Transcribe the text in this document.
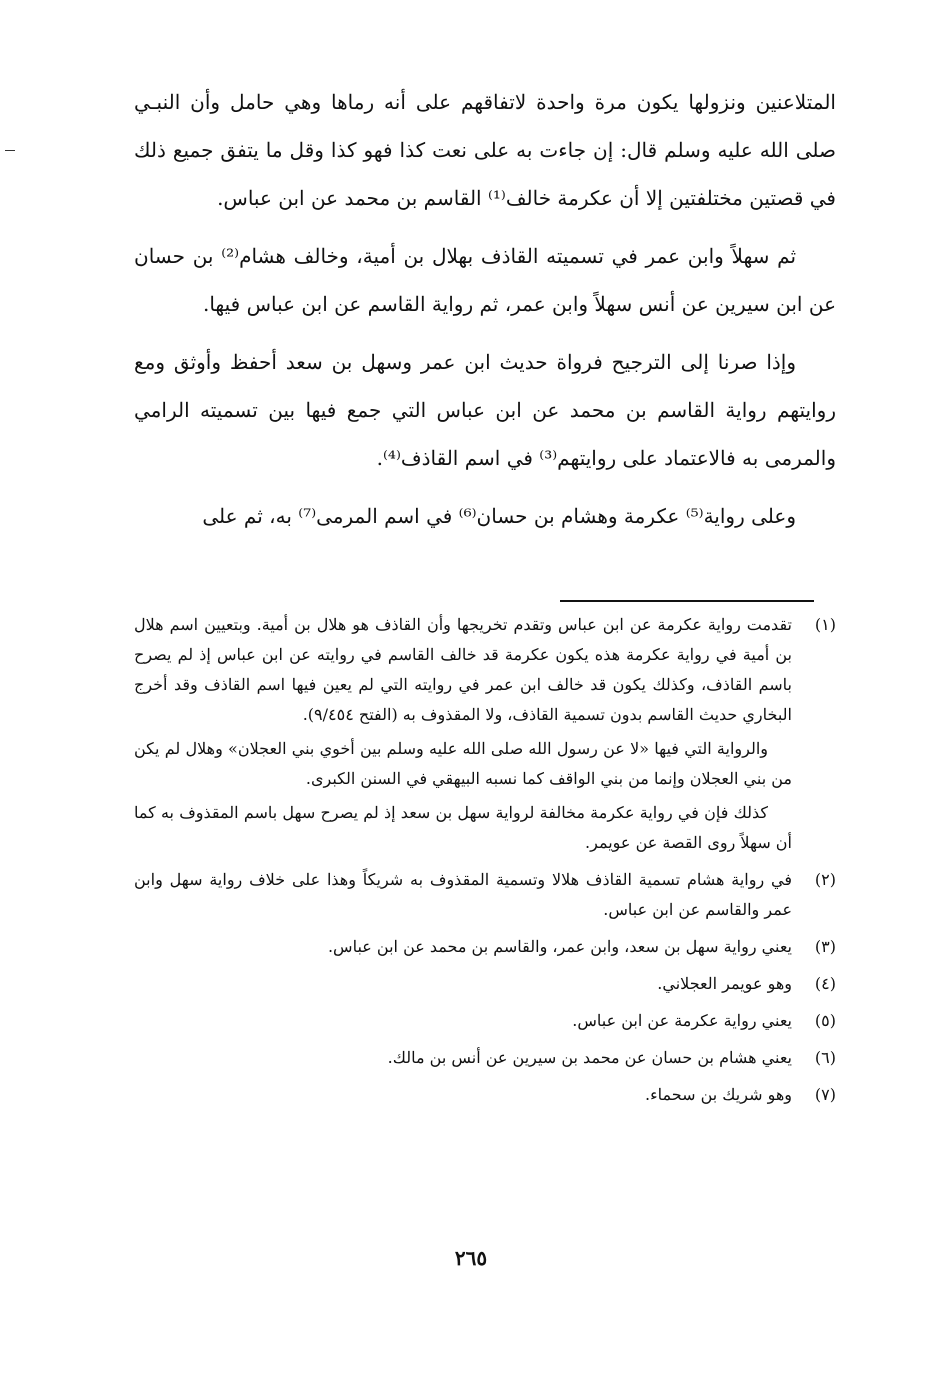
المتلاعنين ونزولها يكون مرة واحدة لاتفاقهم على أنه رماها وهي حامل وأن النبـي صلى الله عليه وسلم قال: إن جاءت به على نعت كذا فهو كذا وقل ما يتفق جميع ذلك في قصتين مختلفتين إلا أن عكرمة خالف⁽¹⁾ القاسم بن محمد عن ابن عباس.

ثم سهلاً وابن عمر في تسميته القاذف بهلال بن أمية، وخالف هشام⁽²⁾ بن حسان عن ابن سيرين عن أنس سهلاً وابن عمر، ثم رواية القاسم عن ابن عباس فيها.

وإذا صرنا إلى الترجيح فرواة حديث ابن عمر وسهل بن سعد أحفظ وأوثق ومع روايتهم رواية القاسم بن محمد عن ابن عباس التي جمع فيها بين تسميته الرامي والمرمى به فالاعتماد على روايتهم⁽³⁾ في اسم القاذف⁽⁴⁾.

وعلى رواية⁽⁵⁾ عكرمة وهشام بن حسان⁽⁶⁾ في اسم المرمى⁽⁷⁾ به، ثم على

(١)

تقدمت رواية عكرمة عن ابن عباس وتقدم تخريجها وأن القاذف هو هلال بن أمية. وبتعيين اسم هلال بن أمية في رواية عكرمة هذه يكون عكرمة قد خالف القاسم في روايته عن ابن عباس إذ لم يصرح باسم القاذف، وكذلك يكون قد خالف ابن عمر في روايته التي لم يعين فيها اسم القاذف وقد أخرج البخاري حديث القاسم بدون تسمية القاذف، ولا المقذوف به (الفتح ٩/٤٥٤).

والرواية التي فيها «لا عن رسول الله صلى الله عليه وسلم بين أخوي بني العجلان» وهلال لم يكن من بني العجلان وإنما من بني الواقف كما نسبه البيهقي في السنن الكبرى.

كذلك فإن في رواية عكرمة مخالفة لرواية سهل بن سعد إذ لم يصرح سهل باسم المقذوف به كما أن سهلاً روى القصة عن عويمر.

(٢)

في رواية هشام تسمية القاذف هلالا وتسمية المقذوف به شريكاً وهذا على خلاف رواية سهل وابن عمر والقاسم عن ابن عباس.

(٣)

يعني رواية سهل بن سعد، وابن عمر، والقاسم بن محمد عن ابن عباس.

(٤)

وهو عويمر العجلاني.

(٥)

يعني رواية عكرمة عن ابن عباس.

(٦)

يعني هشام بن حسان عن محمد بن سيرين عن أنس بن مالك.

(٧)

وهو شريك بن سحماء.

٢٦٥
